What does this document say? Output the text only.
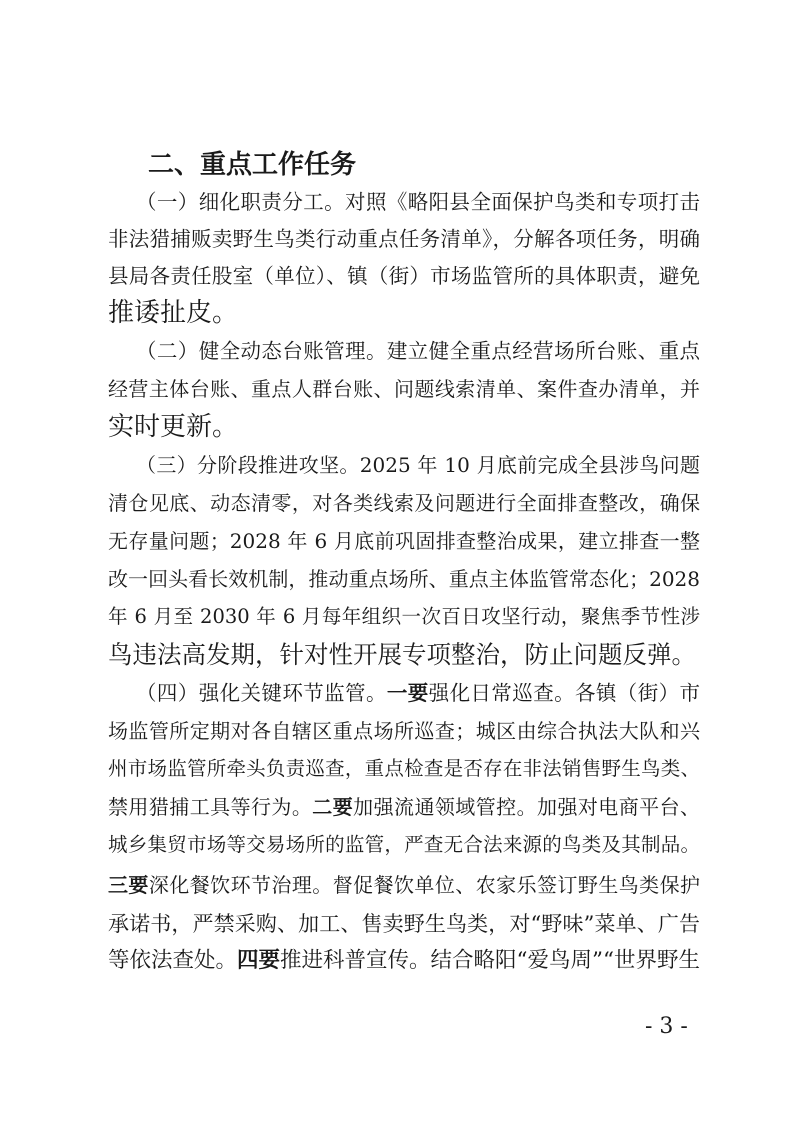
二、重点工作任务
（一）细化职责分工。对照《略阳县全面保护鸟类和专项打击
非法猎捕贩卖野生鸟类行动重点任务清单》，分解各项任务，明确
县局各责任股室（单位）、镇（街）市场监管所的具体职责，避免
推诿扯皮。
（二）健全动态台账管理。建立健全重点经营场所台账、重点
经营主体台账、重点人群台账、问题线索清单、案件查办清单，并
实时更新。
（三）分阶段推进攻坚。2025 年 10 月底前完成全县涉鸟问题
清仓见底、动态清零，对各类线索及问题进行全面排查整改，确保
无存量问题；2028 年 6 月底前巩固排查整治成果，建立排查一整
改一回头看长效机制，推动重点场所、重点主体监管常态化；2028
年 6 月至 2030 年 6 月每年组织一次百日攻坚行动，聚焦季节性涉
鸟违法高发期，针对性开展专项整治，防止问题反弹。
（四）强化关键环节监管。一要强化日常巡查。各镇（街）市
场监管所定期对各自辖区重点场所巡查；城区由综合执法大队和兴
州市场监管所牵头负责巡查，重点检查是否存在非法销售野生鸟类、
禁用猎捕工具等行为。二要加强流通领域管控。加强对电商平台、
城乡集贸市场等交易场所的监管，严查无合法来源的鸟类及其制品。
三要深化餐饮环节治理。督促餐饮单位、农家乐签订野生鸟类保护
承诺书，严禁采购、加工、售卖野生鸟类，对“野味”菜单、广告
等依法查处。四要推进科普宣传。结合略阳“爱鸟周”“世界野生
- 3 -
